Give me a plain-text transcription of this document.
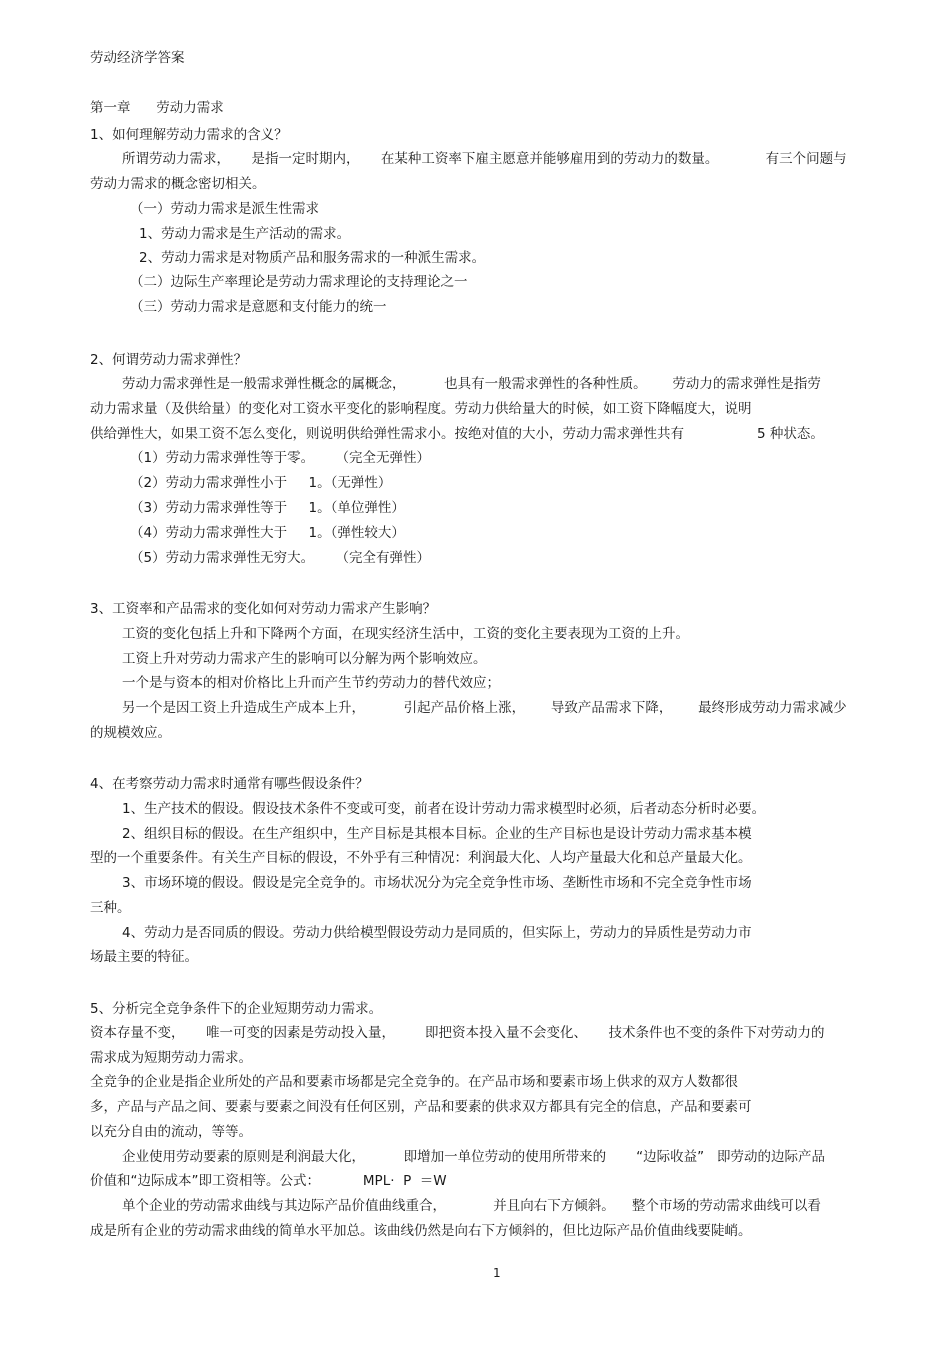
劳动经济学答案

第一章      劳动力需求

1、如何理解劳动力需求的含义？

所谓劳动力需求，     是指一定时期内，     在某种工资率下雇主愿意并能够雇用到的劳动力的数量。           有三个问题与

劳动力需求的概念密切相关。

（一）劳动力需求是派生性需求

1、劳动力需求是生产活动的需求。

2、劳动力需求是对物质产品和服务需求的一种派生需求。

（二）边际生产率理论是劳动力需求理论的支持理论之一

（三）劳动力需求是意愿和支付能力的统一

2、何谓劳动力需求弹性？

劳动力需求弹性是一般需求弹性概念的属概念，         也具有一般需求弹性的各种性质。      劳动力的需求弹性是指劳

动力需求量（及供给量）的变化对工资水平变化的影响程度。劳动力供给量大的时候，如工资下降幅度大，说明

供给弹性大，如果工资不怎么变化，则说明供给弹性需求小。按绝对值的大小，劳动力需求弹性共有                 5 种状态。

（1）劳动力需求弹性等于零。     （完全无弹性）

（2）劳动力需求弹性小于     1。（无弹性）

（3）劳动力需求弹性等于     1。（单位弹性）

（4）劳动力需求弹性大于     1。（弹性较大）

（5）劳动力需求弹性无穷大。     （完全有弹性）

3、工资率和产品需求的变化如何对劳动力需求产生影响？

工资的变化包括上升和下降两个方面，在现实经济生活中，工资的变化主要表现为工资的上升。

工资上升对劳动力需求产生的影响可以分解为两个影响效应。

一个是与资本的相对价格比上升而产生节约劳动力的替代效应；

另一个是因工资上升造成生产成本上升，         引起产品价格上涨，      导致产品需求下降，      最终形成劳动力需求减少

的规模效应。

4、在考察劳动力需求时通常有哪些假设条件？

1、生产技术的假设。假设技术条件不变或可变，前者在设计劳动力需求模型时必须，后者动态分析时必要。

2、组织目标的假设。在生产组织中，生产目标是其根本目标。企业的生产目标也是设计劳动力需求基本模

型的一个重要条件。有关生产目标的假设，不外乎有三种情况：利润最大化、人均产量最大化和总产量最大化。

3、市场环境的假设。假设是完全竞争的。市场状况分为完全竞争性市场、垄断性市场和不完全竞争性市场

三种。

4、劳动力是否同质的假设。劳动力供给模型假设劳动力是同质的，但实际上，劳动力的异质性是劳动力市

场最主要的特征。

5、分析完全竞争条件下的企业短期劳动力需求。

资本存量不变，     唯一可变的因素是劳动投入量，       即把资本投入量不会变化、     技术条件也不变的条件下对劳动力的

需求成为短期劳动力需求。

全竞争的企业是指企业所处的产品和要素市场都是完全竞争的。在产品市场和要素市场上供求的双方人数都很

多，产品与产品之间、要素与要素之间没有任何区别，产品和要素的供求双方都具有完全的信息，产品和要素可

以充分自由的流动，等等。

企业使用劳动要素的原则是利润最大化，         即增加一单位劳动的使用所带来的       “边际收益”   即劳动的边际产品

价值和“边际成本”即工资相等。公式：          MPL·  P  ＝W

单个企业的劳动需求曲线与其边际产品价值曲线重合，           并且向右下方倾斜。    整个市场的劳动需求曲线可以看

成是所有企业的劳动需求曲线的简单水平加总。该曲线仍然是向右下方倾斜的，但比边际产品价值曲线要陡峭。

1
